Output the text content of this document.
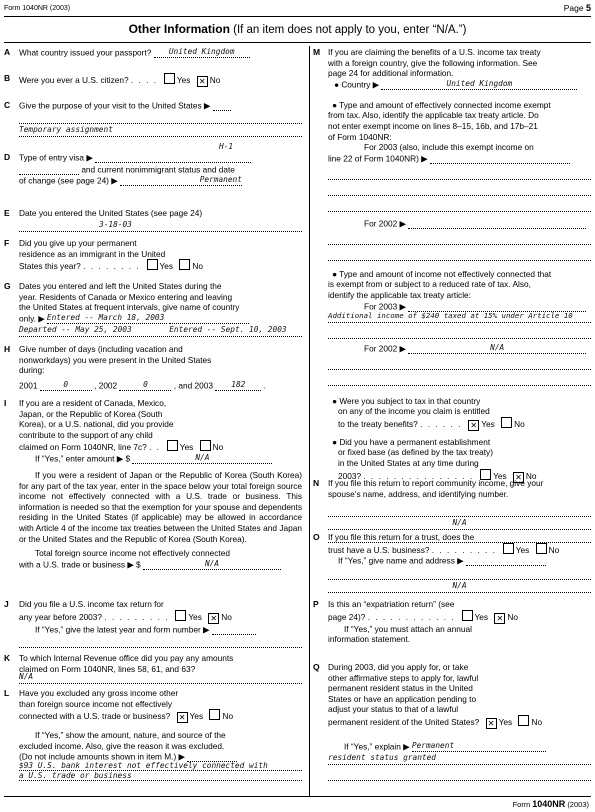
Form 1040NR (2003)	Page 5
Other Information (If an item does not apply to you, enter “N/A.”)
A What country issued your passport? United Kingdom
B Were you ever a U.S. citizen? . . . . Yes ✕ No
C Give the purpose of your visit to the United States ▶
Temporary assignment
D Type of entry visa ▶
H-1
and current nonimmigrant status and date
of change (see page 24) ▶	Permanent
E Date you entered the United States (see page 24)
3-18-03
F Did you give up your permanent
residence as an immigrant in the United
States this year? . . . . . . . . Yes No
G Dates you entered and left the United States during the
year. Residents of Canada or Mexico entering and leaving
the United States at frequent intervals, give name of country
only. ▶ Entered -- March 18, 2003
Departed -- May 25, 2003	Entered -- Sept. 10, 2003
H Give number of days (including vacation and
nonworkdays) you were present in the United States
during:
2001	0	, 2002	0	, and 2003 182 .
I If you are a resident of Canada, Mexico,
Japan, or the Republic of Korea (South
Korea), or a U.S. national, did you provide
contribute to the support of any child
claimed on Form 1040NR, line 7c? . . Yes No
If “Yes,” enter amount ▶ $	N/A

If you were a resident of Japan or the Republic of Korea (South Korea) for any part of the tax year, enter in the space below your total foreign source income not effectively connected with a U.S. trade or business. This information is needed so that the exemption for your spouse and dependents residing in the United States (if applicable) may be allowed in accordance with Article 4 of the income tax treaties between the United States and Japan or the United States and the Republic of Korea (South Korea).

Total foreign source income not effectively connected
with a U.S. trade or business ▶ $	N/A
J Did you file a U.S. income tax return for
any year before 2003? . . . . . . . . . Yes ✕ No
If “Yes,” give the latest year and form number ▶
K To which Internal Revenue office did you pay any amounts
claimed on Form 1040NR, lines 58, 61, and 63?
N/A
L Have you excluded any gross income other
than foreign source income not effectively
connected with a U.S. trade or business? ✕ Yes No
If “Yes,” show the amount, nature, and source of the
excluded income. Also, give the reason it was excluded.
(Do not include amounts shown in item M.) ▶
$93 U.S. bank interest not effectively connected with
a U.S. trade or business
M If you are claiming the benefits of a U.S. income tax treaty
with a foreign country, give the following information. See
page 24 for additional information.
● Country ▶	United Kingdom
● Type and amount of effectively connected income exempt
from tax. Also, identify the applicable tax treaty article. Do
not enter exempt income on lines 8–15, 16b, and 17b–21
of Form 1040NR:
For 2003 (also, include this exempt income on
line 22 of Form 1040NR) ▶
For 2002 ▶
● Type and amount of income not effectively connected that
is exempt from or subject to a reduced rate of tax. Also,
identify the applicable tax treaty article:
For 2003 ▶
Additional income of $240 taxed at 15% under Article 10
For 2002 ▶	N/A
● Were you subject to tax in that country
on any of the income you claim is entitled
to the treaty benefits? . . . . . . ✕ Yes No
● Did you have a permanent establishment
or fixed base (as defined by the tax treaty)
in the United States at any time during
2003? . . . . . . . . . . . . . . . Yes ✕ No
N If you file this return to report community income, give your
spouse’s name, address, and identifying number.
N/A
O If you file this return for a trust, does the
trust have a U.S. business? . . . . . . . . . Yes No
If “Yes,” give name and address ▶
N/A
P Is this an “expatriation return” (see
page 24)? . . . . . . . . . . . . Yes ✕ No
If “Yes,” you must attach an annual
information statement.
Q During 2003, did you apply for, or take
other affirmative steps to apply for, lawful
permanent resident status in the United
States or have an application pending to
adjust your status to that of a lawful
permanent resident of the United States? ✕ Yes No
If “Yes,” explain ▶ Permanent
resident status granted
Form 1040NR (2003)
